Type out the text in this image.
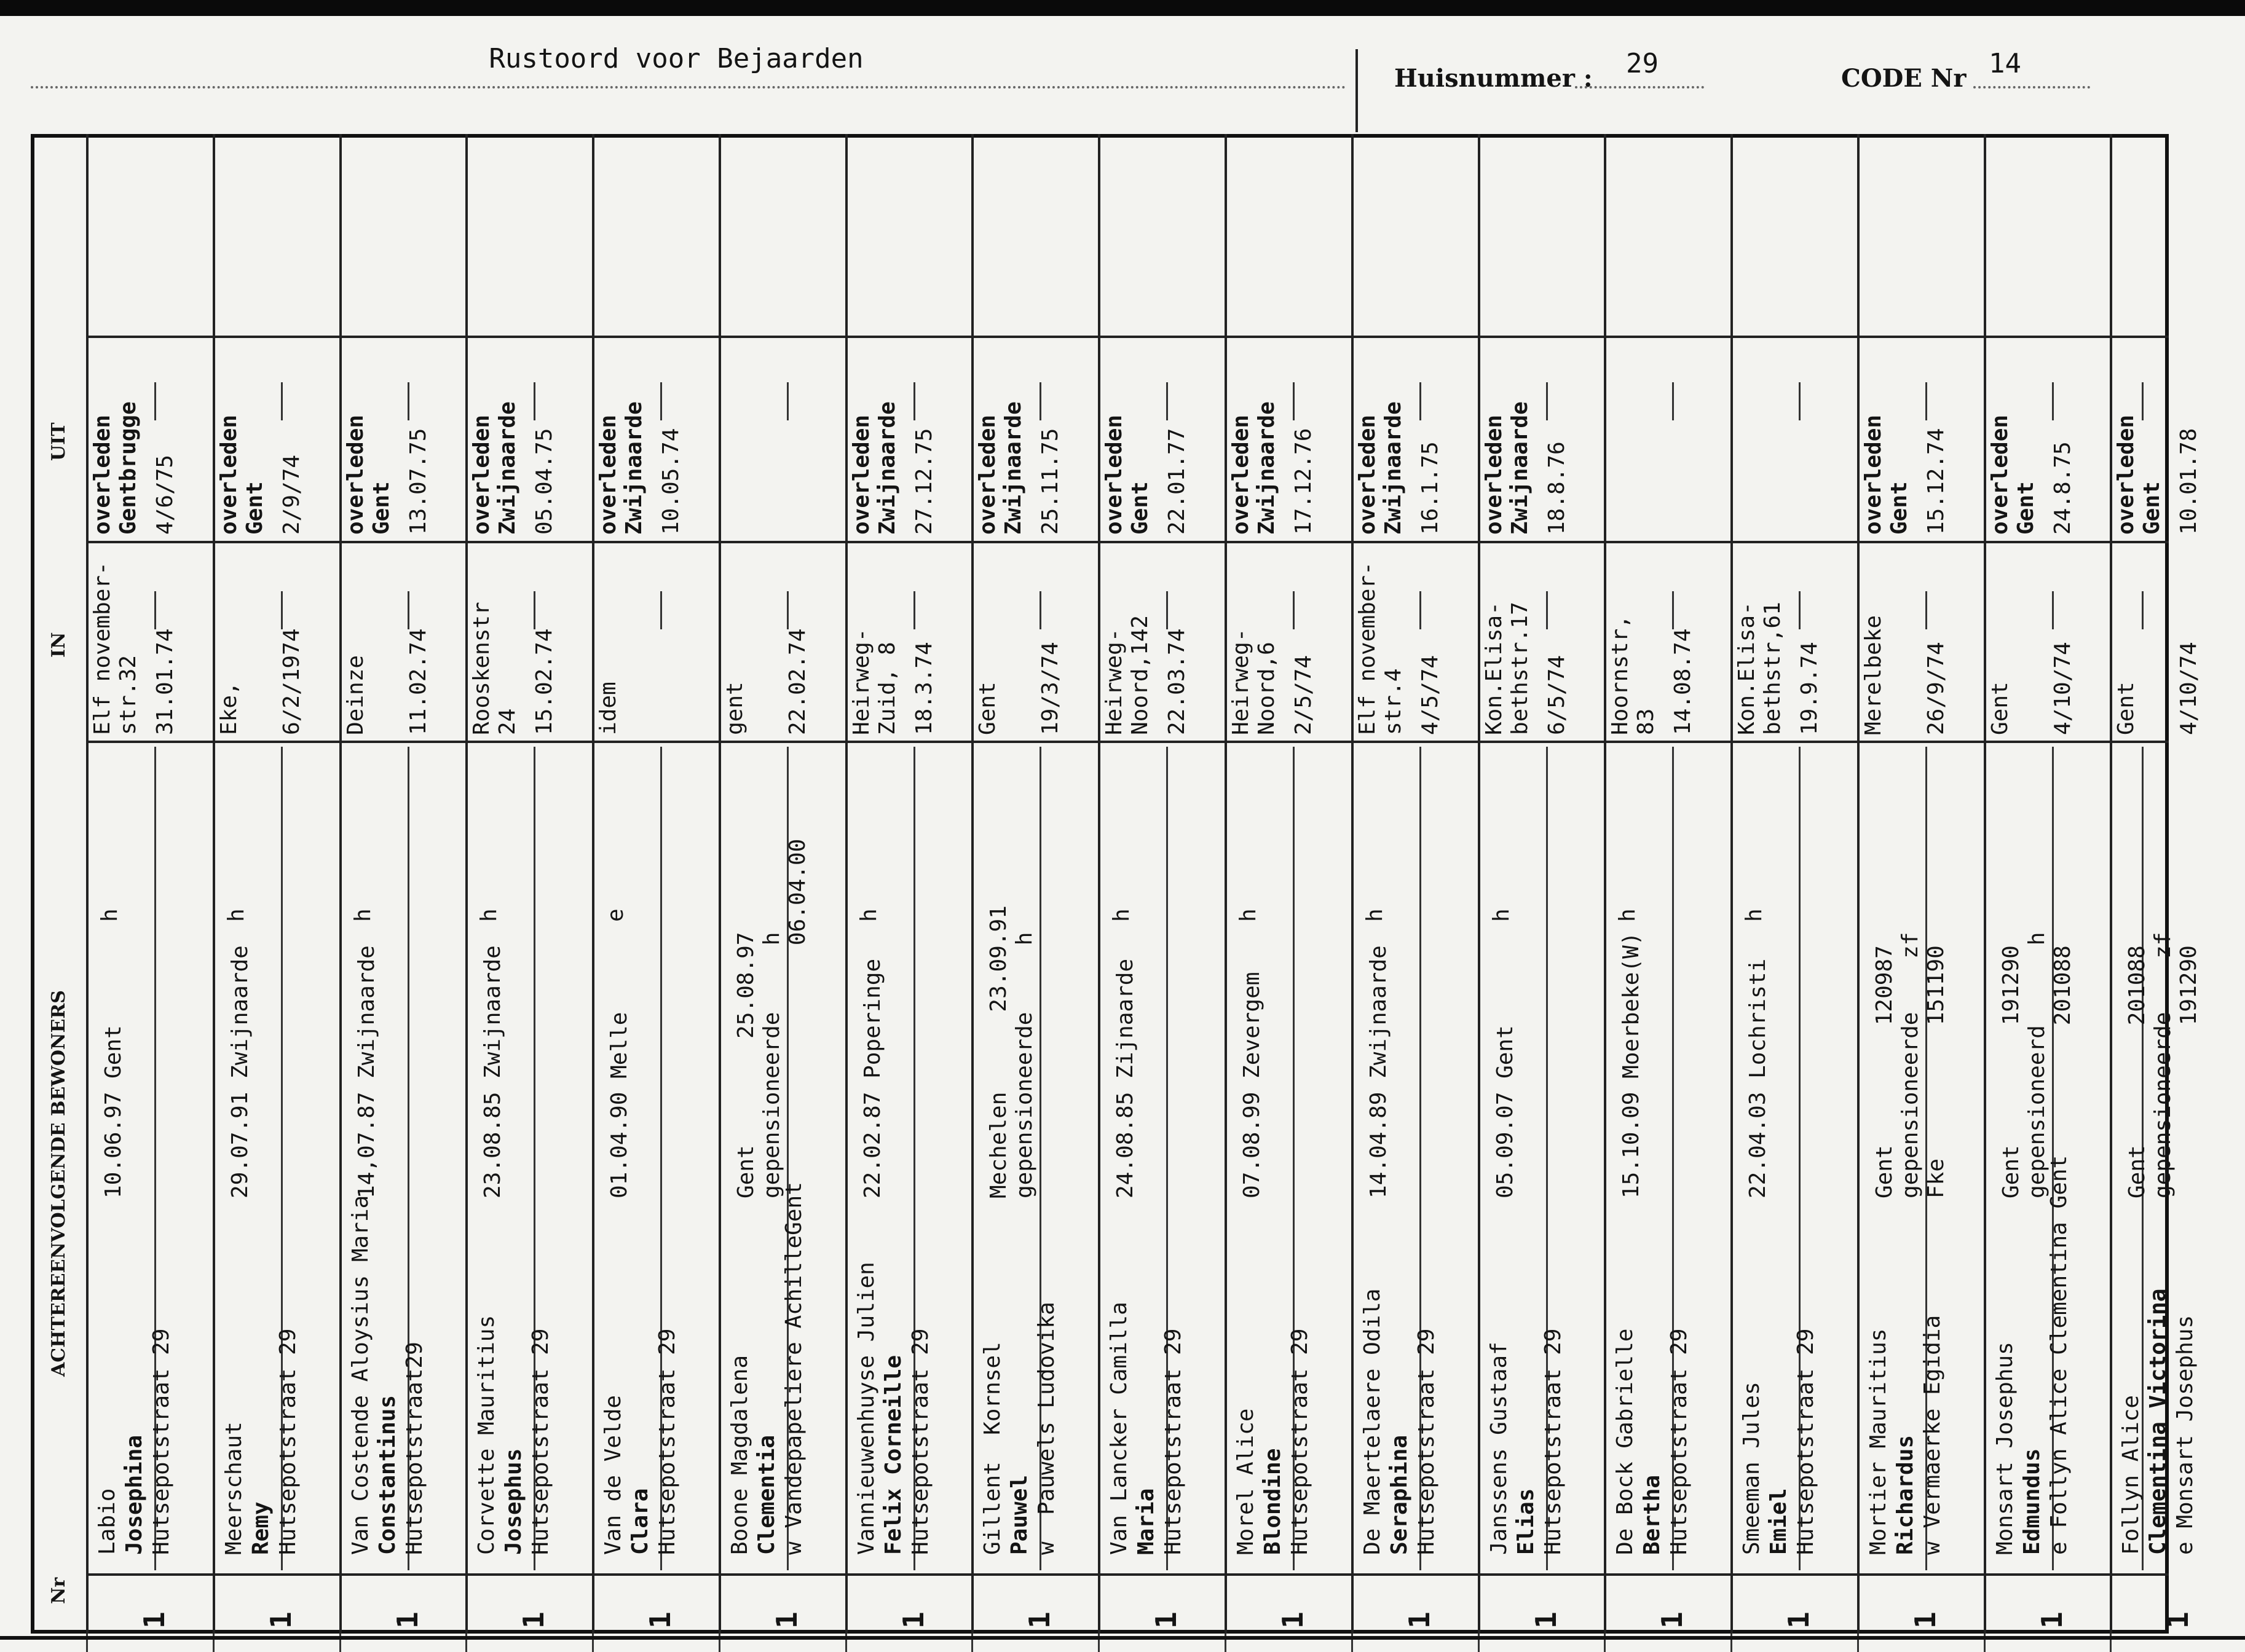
Rustoord voor Bejaarden
Huisnummer : 29	CODE Nr 14
Nr
ACHTEREENVOLGENDE BEWONERS
IN
UIT
1
Labio Josephina Hutsepotstraat 29
10.06.97 Gent
h
Elf november-
str.32 31.01.74
overleden
Gentbrugge 4/6/75
1
Meerschaut Remy Hutsepotstraat 29
29.07.91 Zwijnaarde
h
Eke, 6/2/1974
overleden
Gent 2/9/74
1
Van Costende Aloysius Maria Constantinus Hutsepotstraat29
14,07.87 Zwijnaarde
h
Deinze 11.02.74
overleden
Gent 13.07.75
1
Corvette Mauritius Josephus Hutsepotstraat 29
23.08.85 Zwijnaarde
h
Rooskenstr
24 15.02.74
overleden
Zwijnaarde 05.04.75
1
Van de Velde Clara Hutsepotstraat 29
01.04.90 Melle
e
idem
overleden
Zwijnaarde 10.05.74
1
Boone Magdalena Clementia w Vandepapeliere AchilleGent
Gent        25.08.97
gepensioneerde     h
06.04.00
gent 22.02.74
1
Vannieuwenhuyse Julien Felix Corneille Hutsepotstraat 29
22.02.87 Poperinge
h
Heirweg-
Zuid, 8 18.3.74
overleden
Zwijnaarde 27.12.75
1
Gillent  Kornsel Pauwel w  Pauwels Ludovika
Mechelen      23.09.91
gepensioneerde     h
Gent 19/3/74
overleden
Zwijnaarde 25.11.75
1
Van Lancker Camilla Maria Hutsepotstraat 29
24.08.85 Zijnaarde
h
Heirweg-
Noord,142 22.03.74
overleden
Gent 22.01.77
1
Morel Alice Blondine Hutsepotstraat 29
07.08.99 Zevergem
h
Heirweg-
Noord,6 2/5/74
overleden
Zwijnaarde 17.12.76
1
De Maertelaere Odila Seraphina Hutsepotstraat 29
14.04.89 Zwijnaarde
h
Elf november-
str.4 4/5/74
overleden
Zwijnaarde 16.1.75
1
Janssens Gustaaf Elias Hutsepotstraat 29
05.09.07 Gent
h
Kon.Elisa-
bethstr.17 6/5/74
overleden
Zwijnaarde 18.8.76
1
De Bock Gabrielle Bertha Hutsepotstraat 29
15.10.09 Moerbeke(W)
h
Hoornstr,
83 14.08.74
1
Smeeman Jules Emiel Hutsepotstraat 29
22.04.03 Lochristi
h
Kon.Elisa-
bethstr,61 19.9.74
1
Mortier Mauritius Richardus w Vermaerke Egidia
Gent         120987
gepensioneerde    zf
Fke          151190
Merelbeke 26/9/74
overleden
Gent 15.12.74
1
Monsart Josephus Edmundus e Follyn Alice Clementina Gent
Gent         191290
gepensioneerd      h
201088
Gent 4/10/74
overleden
Gent 24.8.75
1
Follyn Alice Clementina Victorina e Monsart Josephus
Gent         201088
gepensioneerde    zf
191290
Gent 4/10/74
overleden
Gent 10.01.78
